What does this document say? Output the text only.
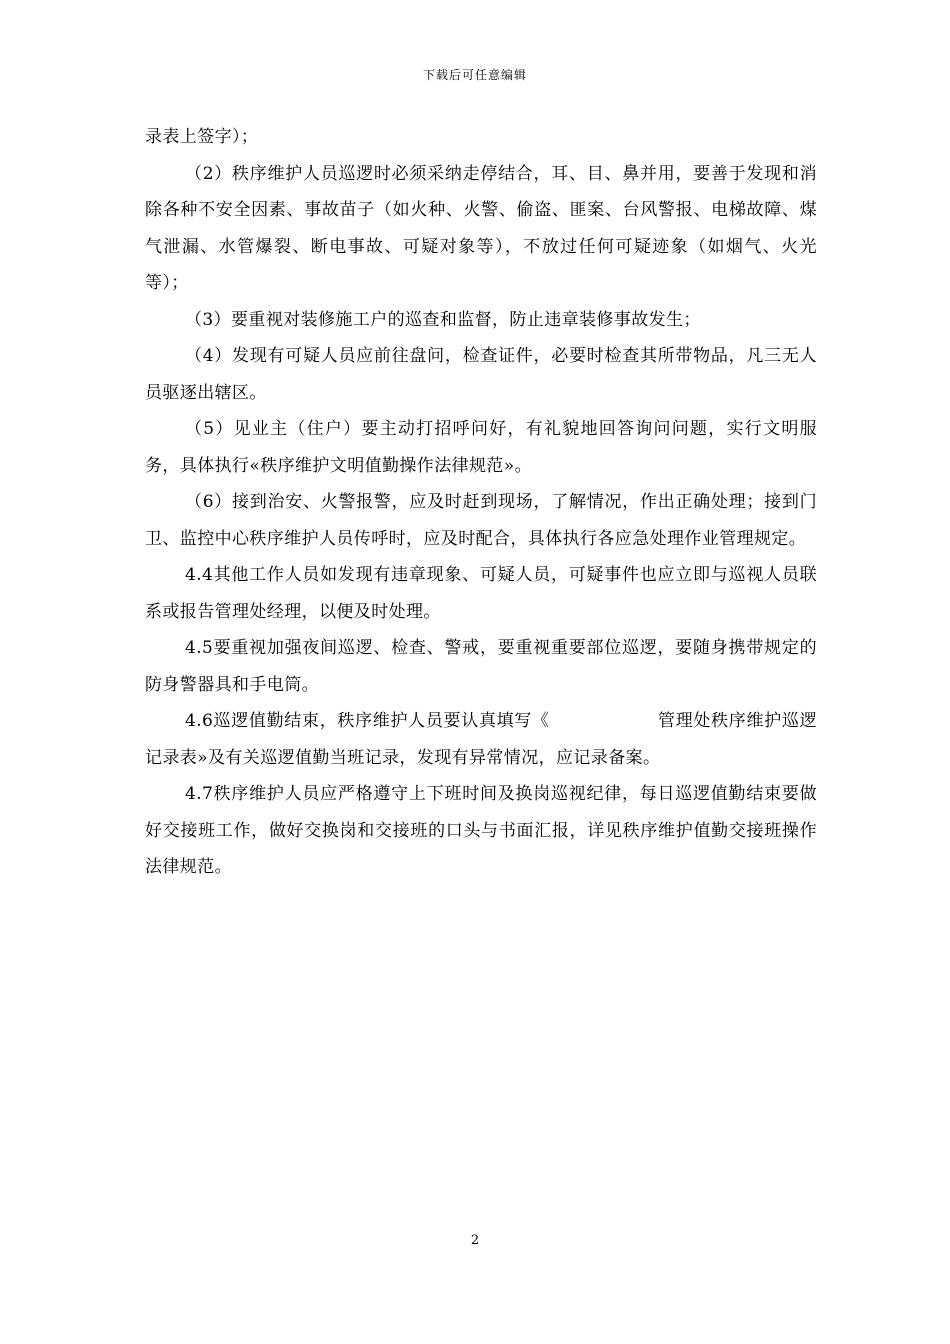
下载后可任意编辑

录表上签字）；

（2）秩序维护人员巡逻时必须采纳走停结合，耳、目、鼻并用，要善于发现和消除各种不安全因素、事故苗子（如火种、火警、偷盗、匪案、台风警报、电梯故障、煤气泄漏、水管爆裂、断电事故、可疑对象等），不放过任何可疑迹象（如烟气、火光等）；

（3）要重视对装修施工户的巡查和监督，防止违章装修事故发生；

（4）发现有可疑人员应前往盘问，检查证件，必要时检查其所带物品，凡三无人员驱逐出辖区。

（5）见业主（住户）要主动打招呼问好，有礼貌地回答询问问题，实行文明服务，具体执行«秩序维护文明值勤操作法律规范»。

（6）接到治安、火警报警，应及时赶到现场，了解情况，作出正确处理；接到门卫、监控中心秩序维护人员传呼时，应及时配合，具体执行各应急处理作业管理规定。

4.4其他工作人员如发现有违章现象、可疑人员，可疑事件也应立即与巡视人员联系或报告管理处经理，以便及时处理。

4.5要重视加强夜间巡逻、检查、警戒，要重视重要部位巡逻，要随身携带规定的防身警器具和手电筒。

4.6巡逻值勤结束，秩序维护人员要认真填写《	管理处秩序维护巡逻记录表»及有关巡逻值勤当班记录，发现有异常情况，应记录备案。

4.7秩序维护人员应严格遵守上下班时间及换岗巡视纪律，每日巡逻值勤结束要做好交接班工作，做好交换岗和交接班的口头与书面汇报，详见秩序维护值勤交接班操作法律规范。

2
